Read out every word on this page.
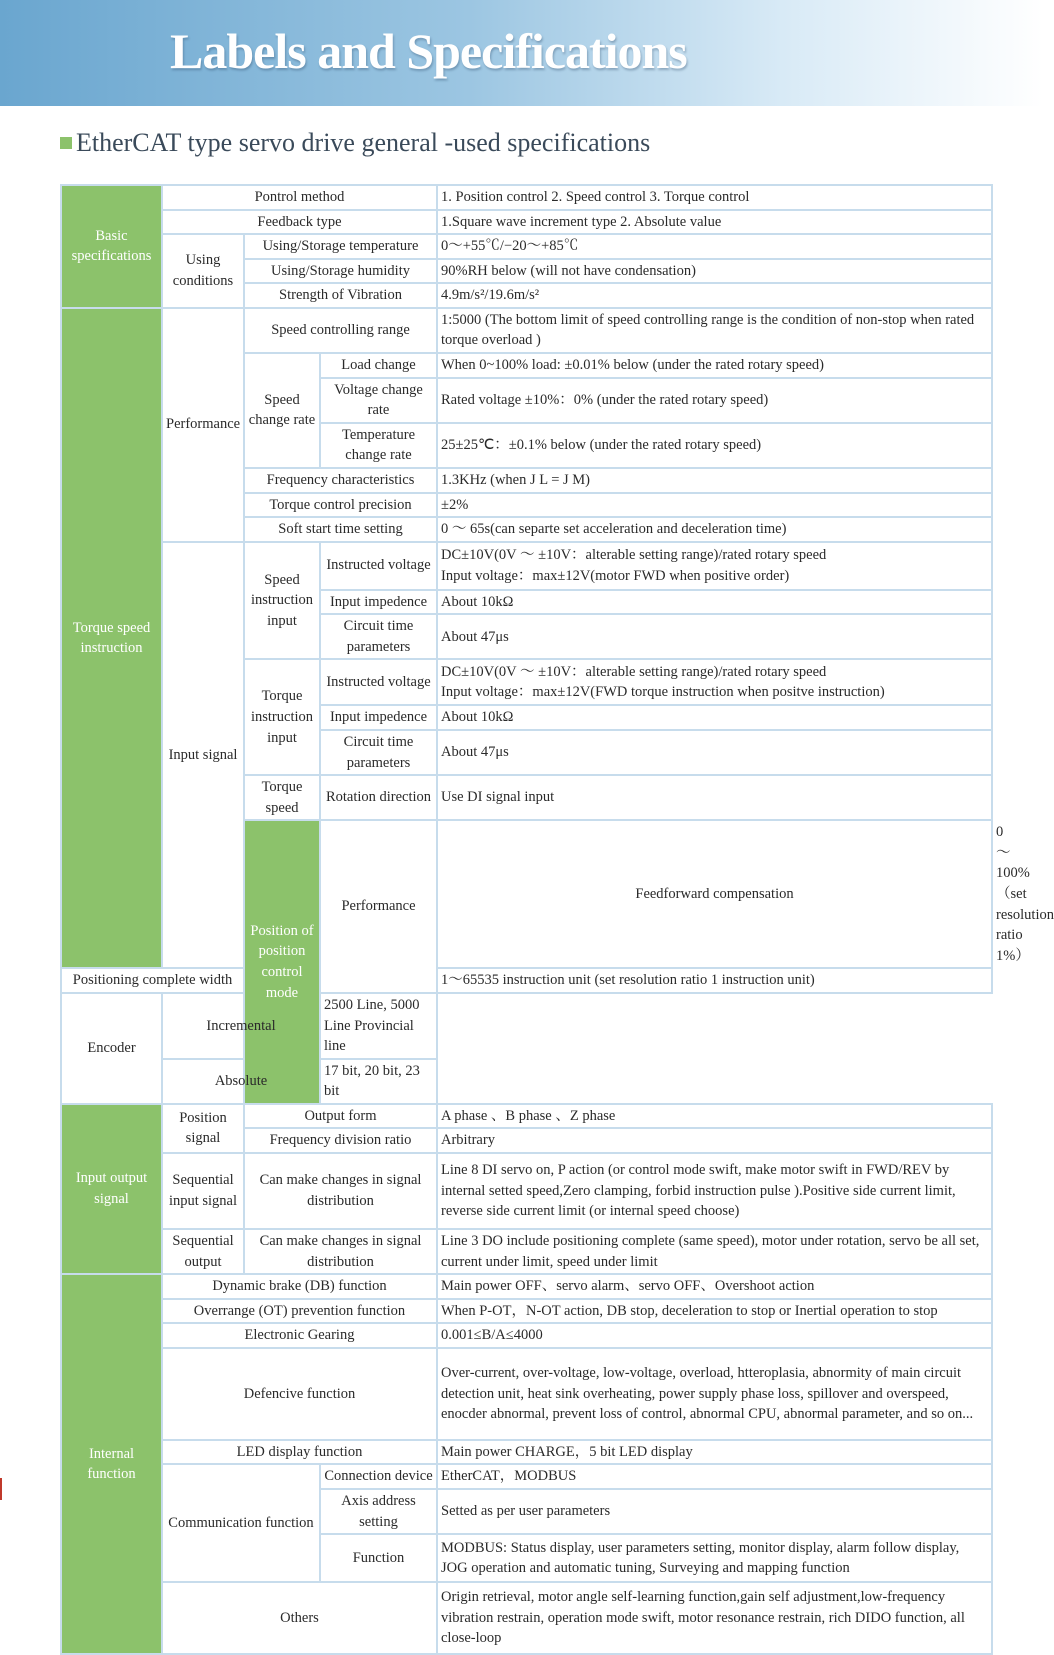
Labels and Specifications
EtherCAT type servo drive general -used specifications
Basic specifications	Pontrol method			1. Position control 2. Speed control 3. Torque control	
	Feedback type			1.Square wave increment type 2. Absolute value	
	Using conditions	Using/Storage temperature		0～+55℃/−20～+85℃	
		Using/Storage humidity		90%RH below (will not have condensation)	
		Strength of Vibration		4.9m/s²/19.6m/s²	
Torque speed instruction	Performance	Speed controlling range		1:5000 (The bottom limit of speed controlling range is the condition of non-stop when rated torque overload )	
		Speed change rate	Load change	When 0~100% load: ±0.01% below (under the rated rotary speed)	
			Voltage change rate	Rated voltage ±10%：0% (under the rated rotary speed)	
			Temperature change rate	25±25℃：±0.1% below (under the rated rotary speed)	
		Frequency characteristics		1.3KHz (when J L = J M)	
		Torque control precision		±2%	
		Soft start time setting		0 ～ 65s(can separte set acceleration and deceleration time)	
	Input signal	Speed instruction input	Instructed voltage	DC±10V(0V ～ ±10V：alterable setting range)/rated rotary speed
Input voltage：max±12V(motor FWD when positive order)	
			Input impedence	About 10kΩ	
			Circuit time parameters	About 47μs	
		Torque instruction input	Instructed voltage	DC±10V(0V ～ ±10V：alterable setting range)/rated rotary speed
Input voltage：max±12V(FWD torque instruction when positve instruction)	
			Input impedence	About 10kΩ	
			Circuit time parameters	About 47μs	
		Torque speed	Rotation direction	Use DI signal input	

		Position of position control mode	Performance	Feedforward compensation	0～100%（set resolution ratio 1%）
Positioning complete width				1～65535 instruction unit (set resolution ratio 1 instruction unit)	
Encoder	Incremental		2500 Line, 5000 Line Provincial line		
	Absolute		17 bit, 20 bit, 23 bit		
Input output signal	Position signal	Output form		A phase 、B phase 、Z phase	
		Frequency division ratio		Arbitrary	
	Sequential input signal	Can make changes in signal distribution		Line 8 DI servo on, P action (or control mode swift, make motor swift in FWD/REV by internal setted speed,Zero clamping, forbid instruction pulse ).Positive side current limit, reverse side current limit (or internal speed choose)	
	Sequential output	Can make changes in signal distribution		Line 3 DO include positioning complete (same speed), motor under rotation, servo be all set, current under limit, speed under limit	
Internal function	Dynamic brake (DB) function			Main power OFF、servo alarm、servo OFF、Overshoot action	
	Overrange (OT) prevention function			When P-OT，N-OT action, DB stop, deceleration to stop or Inertial operation to stop	
	Electronic Gearing			0.001≤B/A≤4000	
	Defencive function			Over-current, over-voltage, low-voltage, overload, htteroplasia, abnormity of main circuit detection unit, heat sink overheating, power supply phase loss, spillover and overspeed, enocder abnormal, prevent loss of control, abnormal CPU, abnormal parameter, and so on...	
	LED display function			Main power CHARGE，5 bit LED display	
	Communication function		Connection device	EtherCAT，MODBUS	
			Axis address setting	Setted as per user parameters	
			Function	MODBUS: Status display, user parameters setting, monitor display, alarm follow display, JOG operation and automatic tuning, Surveying and mapping function	
	Others			Origin retrieval, motor angle self-learning function,gain self adjustment,low-frequency vibration restrain, operation mode swift, motor resonance restrain, rich DIDO function, all close-loop	
